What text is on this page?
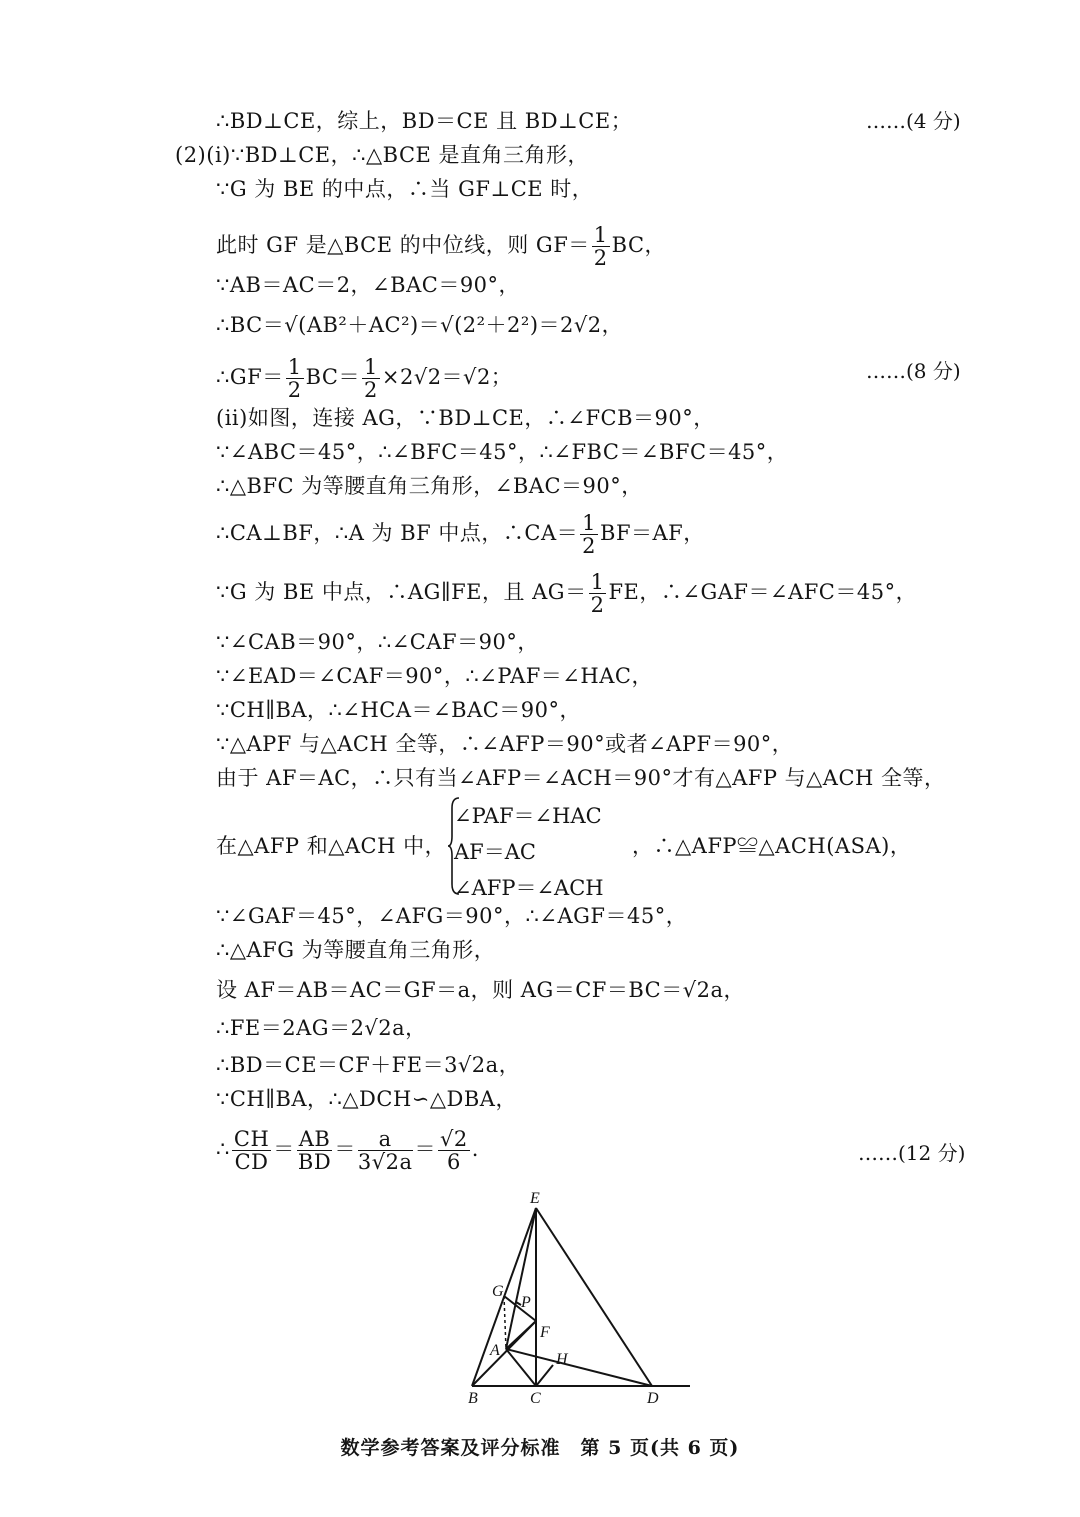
∴BD⊥CE，综上，BD＝CE 且 BD⊥CE；	……(4 分)
(2)(i)∵BD⊥CE，∴△BCE 是直角三角形，
∵G 为 BE 的中点，∴当 GF⊥CE 时，
此时 GF 是△BCE 的中位线，则 $GF= \frac{1}{2}$ BC，
∵AB＝AC＝2，∠BAC＝90°，
∴BC＝√(AB²＋AC²)＝√(2²＋2²)＝2√2，
∴GF＝ $\frac{1}{2} BC= \frac{1}{2} \times 2√2=√2$；	……(8 分)
(ii)如图，连接 AG，∵BD⊥CE，∴∠FCB＝90°，
∵∠ABC＝45°，∴∠BFC＝45°，∴∠FBC＝∠BFC＝45°，
∴△BFC 为等腰直角三角形，∠BAC＝90°，
∴CA⊥BF，∴A 为 BF 中点，∴CA＝ $\frac{1}{2} BF=AF$，
∵G 为 BE 中点，∴AG∥FE，且 $AG= \frac{1}{2}$ FE，∴∠GAF＝∠AFC＝45°，
∵∠CAB＝90°，∴∠CAF＝90°，
∵∠EAD＝∠CAF＝90°，∴∠PAF＝∠HAC，
∵CH∥BA，∴∠HCA＝∠BAC＝90°，
∵△APF 与△ACH 全等，∴∠AFP＝90°或者∠APF＝90°，
由于 AF＝AC，∴只有当∠AFP＝∠ACH＝90°才有△AFP 与△ACH 全等，
在△AFP 和△ACH 中，
∠PAF＝∠HAC
AF＝AC
∠AFP＝∠ACH
，∴△AFP≌△ACH(ASA)，
∵∠GAF＝45°，∠AFG＝90°，∴∠AGF＝45°，
∴△AFG 为等腰直角三角形，
设 AF＝AB＝AC＝GF＝a，则 AG＝CF＝BC＝√2a，
∴FE＝2AG＝2√2a，
∴BD＝CE＝CF＋FE＝3√2a，
∵CH∥BA，∴△DCH∽△DBA，
∴ $\frac{CH}{CD} = \frac{AB}{BD} = \frac{a}{3√2a} = \frac{√2}{6}$ .	……(12 分)
E
G
P
F
A
H
B	C	D
数学参考答案及评分标准　第 5 页(共 6 页)
